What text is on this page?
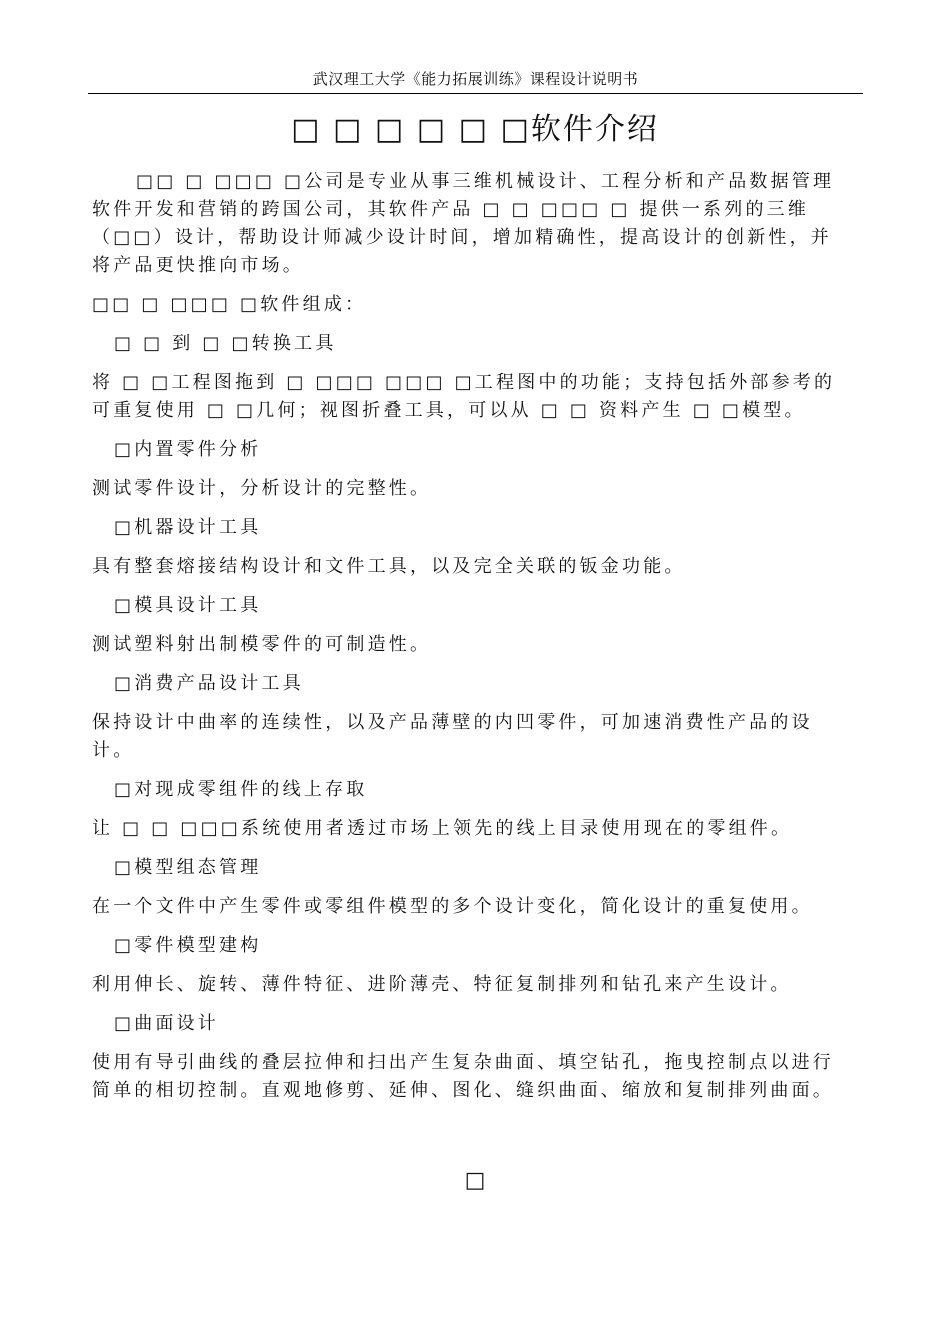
武汉理工大学《能力拓展训练》课程设计说明书
□ □ □ □ □ □软件介绍

□□ □ □□□ □公司是专业从事三维机械设计、工程分析和产品数据管理软件开发和营销的跨国公司，其软件产品 □ □ □□□ □ 提供一系列的三维（□□）设计，帮助设计师减少设计时间，增加精确性，提高设计的创新性，并将产品更快推向市场。

□□ □ □□□ □软件组成：

□ □ 到 □ □转换工具

将 □ □工程图拖到 □ □□□ □□□ □工程图中的功能；支持包括外部参考的可重复使用 □ □几何；视图折叠工具，可以从 □ □ 资料产生 □ □模型。

□内置零件分析

测试零件设计，分析设计的完整性。

□机器设计工具

具有整套熔接结构设计和文件工具，以及完全关联的钣金功能。

□模具设计工具

测试塑料射出制模零件的可制造性。

□消费产品设计工具

保持设计中曲率的连续性，以及产品薄壁的内凹零件，可加速消费性产品的设计。

□对现成零组件的线上存取

让 □ □ □□□系统使用者透过市场上领先的线上目录使用现在的零组件。

□模型组态管理

在一个文件中产生零件或零组件模型的多个设计变化，简化设计的重复使用。

□零件模型建构

利用伸长、旋转、薄件特征、进阶薄壳、特征复制排列和钻孔来产生设计。

□曲面设计

使用有导引曲线的叠层拉伸和扫出产生复杂曲面、填空钻孔，拖曳控制点以进行简单的相切控制。直观地修剪、延伸、图化、缝织曲面、缩放和复制排列曲面。

□
